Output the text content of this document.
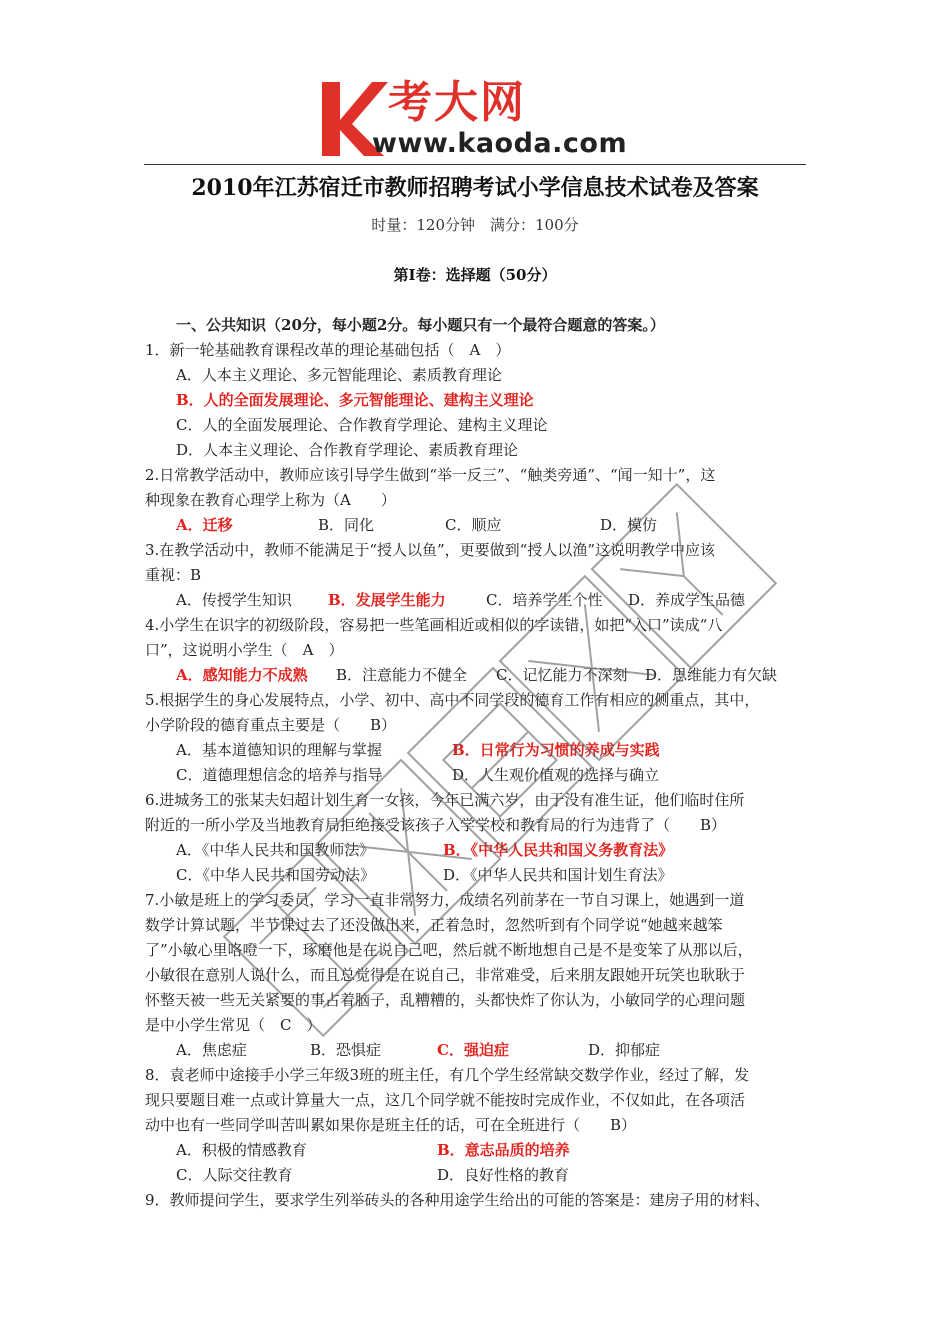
考大网
www.kaoda.com
2010年江苏宿迁市教师招聘考试小学信息技术试卷及答案
时量：120分钟　满分：100分
第Ⅰ卷：选择题（50分）
一、公共知识（20分，每小题2分。每小题只有一个最符合题意的答案。）
1．新一轮基础教育课程改革的理论基础包括（　A　）
A．人本主义理论、多元智能理论、素质教育理论
B．人的全面发展理论、多元智能理论、建构主义理论
C．人的全面发展理论、合作教育学理论、建构主义理论
D．人本主义理论、合作教育学理论、素质教育理论
2.日常教学活动中，教师应该引导学生做到“举一反三”、“触类旁通”、“闻一知十”，这
种现象在教育心理学上称为（A　　）
A．迁移	B．同化	C．顺应	D．模仿
3.在教学活动中，教师不能满足于“授人以鱼”，更要做到“授人以渔”这说明教学中应该
重视：B
A．传授学生知识 B．发展学生能力	C．培养学生个性 D．养成学生品德
4.小学生在识字的初级阶段，容易把一些笔画相近或相似的字读错，如把“入口”读成“八
口”，这说明小学生（　A　）
A．感知能力不成熟 B．注意能力不健全 C．记忆能力不深刻 D．思维能力有欠缺
5.根据学生的身心发展特点，小学、初中、高中不同学段的德育工作有相应的侧重点，其中，
小学阶段的德育重点主要是（　　B）
A．基本道德知识的理解与掌握	B．日常行为习惯的养成与实践
C．道德理想信念的培养与指导	D．人生观价值观的选择与确立
6.进城务工的张某夫妇超计划生育一女孩，今年已满六岁，由于没有准生证，他们临时住所
附近的一所小学及当地教育局拒绝接受该孩子入学学校和教育局的行为违背了（　　B）
A．《中华人民共和国教师法》	B．《中华人民共和国义务教育法》
C．《中华人民共和国劳动法》	D．《中华人民共和国计划生育法》
7.小敏是班上的学习委员，学习一直非常努力，成绩名列前茅在一节自习课上，她遇到一道
数学计算试题，半节课过去了还没做出来，正着急时，忽然听到有个同学说“她越来越笨
了”小敏心里咯噔一下，琢磨他是在说自己吧，然后就不断地想自己是不是变笨了从那以后，
小敏很在意别人说什么，而且总觉得是在说自己，非常难受，后来朋友跟她开玩笑也耿耿于
怀整天被一些无关紧要的事占着脑子，乱糟糟的，头都快炸了你认为，小敏同学的心理问题
是中小学生常见（　C　）
A．焦虑症	B．恐惧症	C．强迫症	D．抑郁症
8．袁老师中途接手小学三年级3班的班主任，有几个学生经常缺交数学作业，经过了解，发
现只要题目难一点或计算量大一点，这几个同学就不能按时完成作业，不仅如此，在各项活
动中也有一些同学叫苦叫累如果你是班主任的话，可在全班进行（　　B）
A．积极的情感教育	B．意志品质的培养
C．人际交往教育	D．良好性格的教育
9．教师提问学生，要求学生列举砖头的各种用途学生给出的可能的答案是：建房子用的材料、
